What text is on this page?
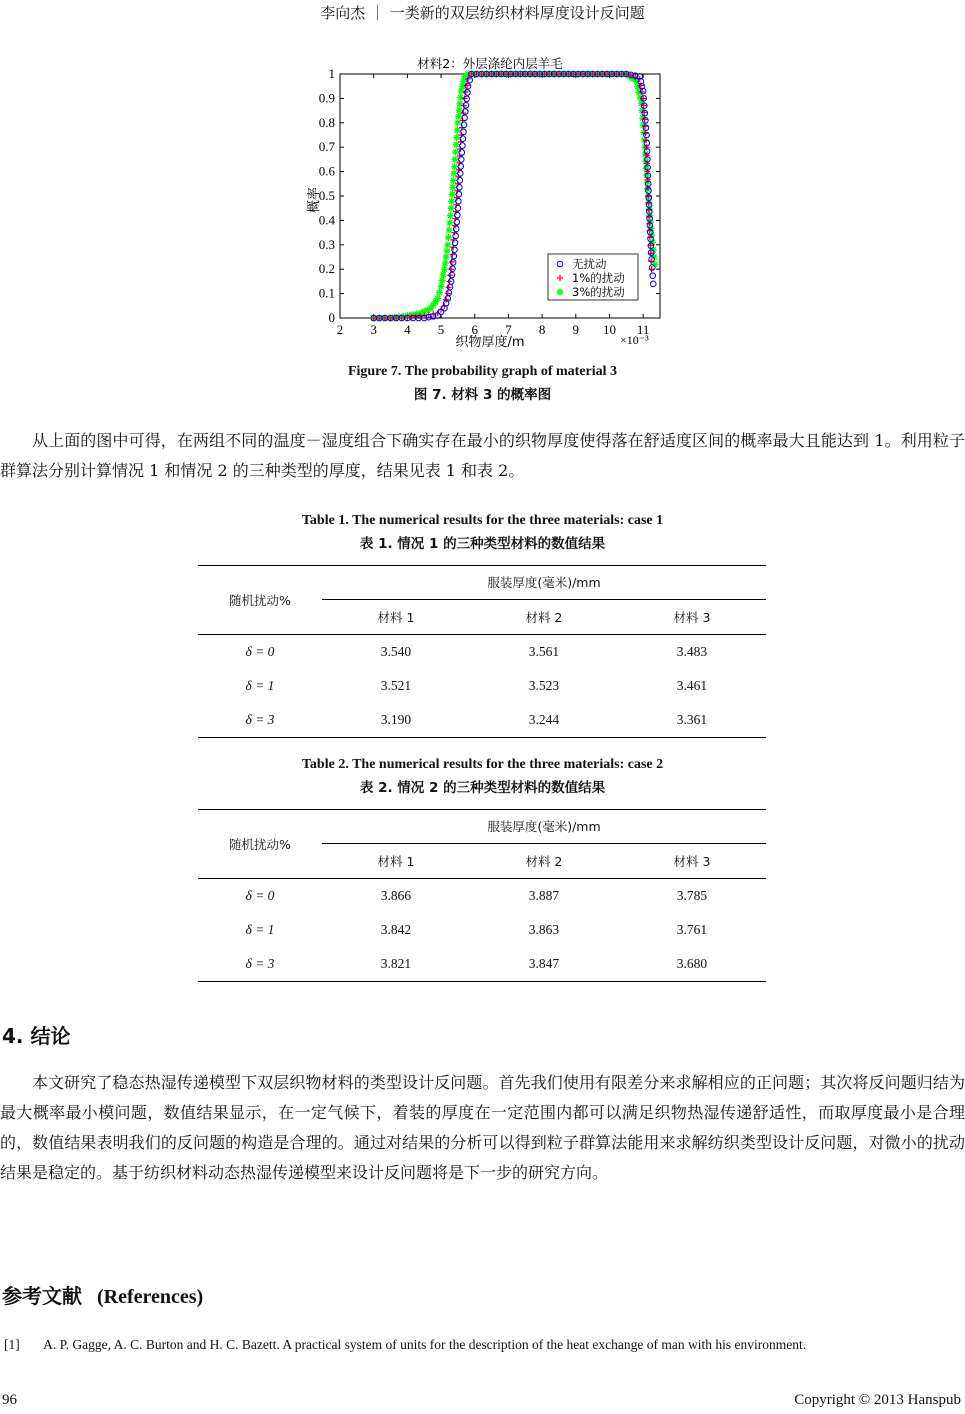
李向杰 ｜ 一类新的双层纺织材料厚度设计反问题
材料2：外层涤纶内层羊毛
2 3 4 5 6 7 8 9 10 11
0
0.1
0.2
0.3
0.4
0.5
0.6
0.7
0.8
0.9
1
织物厚度/m	×10⁻³
概率
无扰动
1%的扰动
3%的扰动
Figure 7. The probability graph of material 3
图 7. 材料 3 的概率图

从上面的图中可得，在两组不同的温度－湿度组合下确实存在最小的织物厚度使得落在舒适度区间的概率最大且能达到 1。利用粒子群算法分别计算情况 1 和情况 2 的三种类型的厚度，结果见表 1 和表 2。

Table 1. The numerical results for the three materials: case 1
表 1. 情况 1 的三种类型材料的数值结果
随机扰动%	服装厚度(毫米)/mm		

	材料 1	材料 2	材料 3
δ = 0	3.540	3.561	3.483
δ = 1	3.521	3.523	3.461
δ = 3	3.190	3.244	3.361
Table 2. The numerical results for the three materials: case 2
表 2. 情况 2 的三种类型材料的数值结果
随机扰动%	服装厚度(毫米)/mm		

	材料 1	材料 2	材料 3
δ = 0	3.866	3.887	3.785
δ = 1	3.842	3.863	3.761
δ = 3	3.821	3.847	3.680
4. 结论

本文研究了稳态热湿传递模型下双层织物材料的类型设计反问题。首先我们使用有限差分来求解相应的正问题；其次将反问题归结为最大概率最小模问题，数值结果显示，在一定气候下，着装的厚度在一定范围内都可以满足织物热湿传递舒适性，而取厚度最小是合理的，数值结果表明我们的反问题的构造是合理的。通过对结果的分析可以得到粒子群算法能用来求解纺织类型设计反问题，对微小的扰动结果是稳定的。基于纺织材料动态热湿传递模型来设计反问题将是下一步的研究方向。

参考文献 (References)
[1] A. P. Gagge, A. C. Burton and H. C. Bazett. A practical system of units for the description of the heat exchange of man with his environment.
96	Copyright © 2013 Hanspub
